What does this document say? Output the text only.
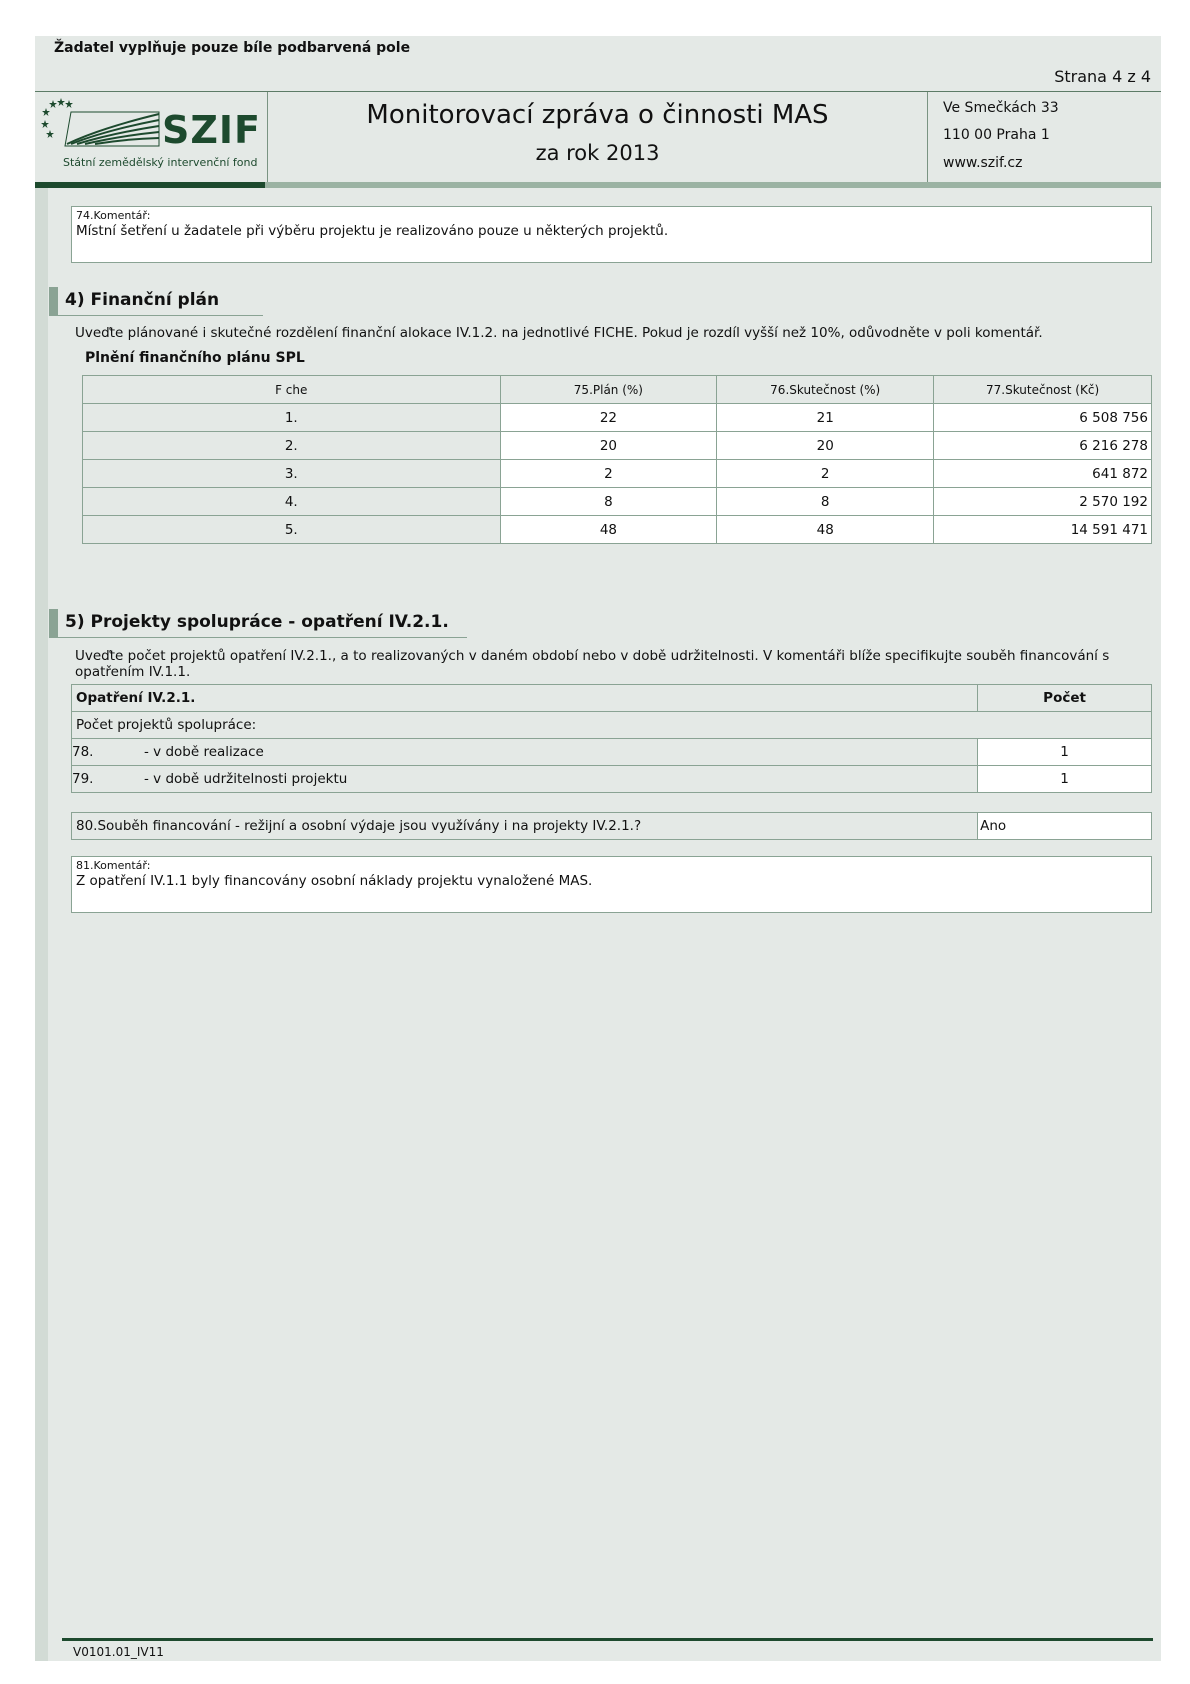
Žadatel vyplňuje pouze bíle podbarvená pole
Strana 4 z 4
SZIF
Státní zemědělský intervenční fond
Monitorovací zpráva o činnosti MAS
za rok 2013
Ve Smečkách 33
110 00 Praha 1
www.szif.cz
74.Komentář:
Místní šetření u žadatele při výběru projektu je realizováno pouze u některých projektů.
4) Finanční plán
Uveďte plánované i skutečné rozdělení finanční alokace IV.1.2. na jednotlivé FICHE. Pokud je rozdíl vyšší než 10%, odůvodněte v poli komentář.
Plnění finančního plánu SPL
F che	75.Plán (%)	76.Skutečnost (%)	77.Skutečnost (Kč)
1.	22	21	6 508 756
2.	20	20	6 216 278
3.	2	2	641 872
4.	8	8	2 570 192
5.	48	48	14 591 471
5) Projekty spolupráce - opatření IV.2.1.
Uveďte počet projektů opatření IV.2.1., a to realizovaných v daném období nebo v době udržitelnosti. V komentáři blíže specifikujte souběh financování s opatřením IV.1.1.
Opatření IV.2.1.	Počet
Počet projektů spolupráce:	
78. - v době realizace	1
79. - v době udržitelnosti projektu	1
80.Souběh financování - režijní a osobní výdaje jsou využívány i na projekty IV.2.1.?	Ano
81.Komentář:
Z opatření IV.1.1 byly financovány osobní náklady projektu vynaložené MAS.
V0101.01_IV11
